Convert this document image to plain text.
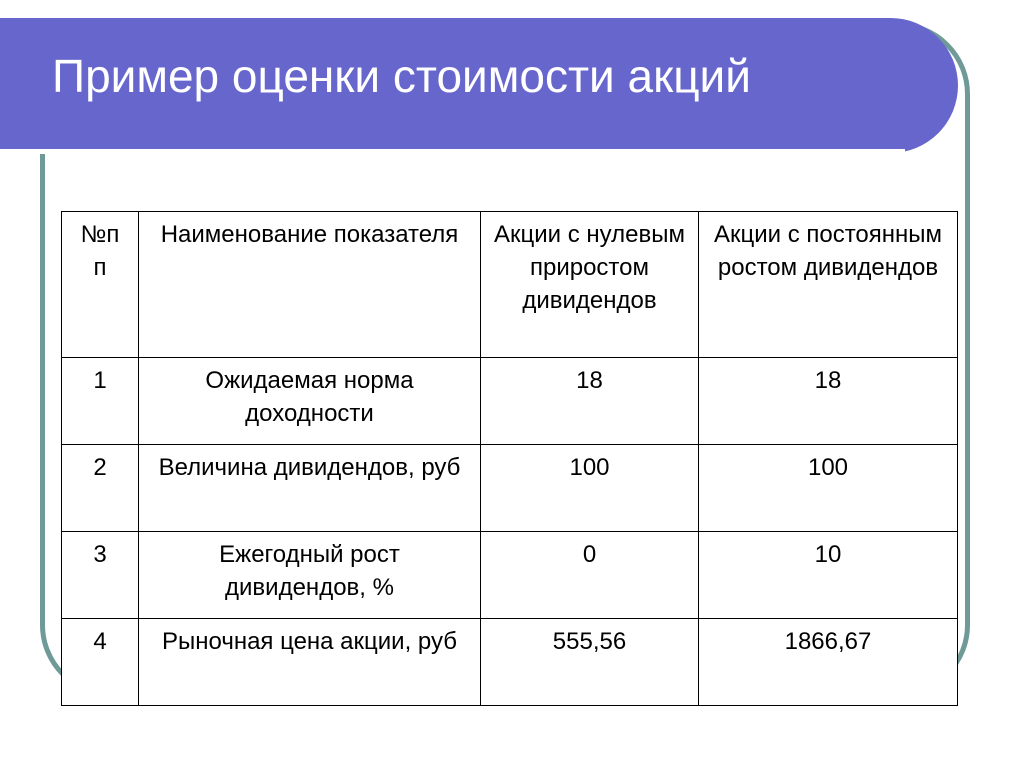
Пример оценки стоимости акций
№п п	Наименование показателя	Акции с нулевым приростом дивидендов	Акции с постоянным ростом дивидендов
1	Ожидаемая норма доходности	18	18
2	Величина дивидендов, руб	100	100
3	Ежегодный рост дивидендов, %	0	10
4	Рыночная цена акции, руб	555,56	1866,67
